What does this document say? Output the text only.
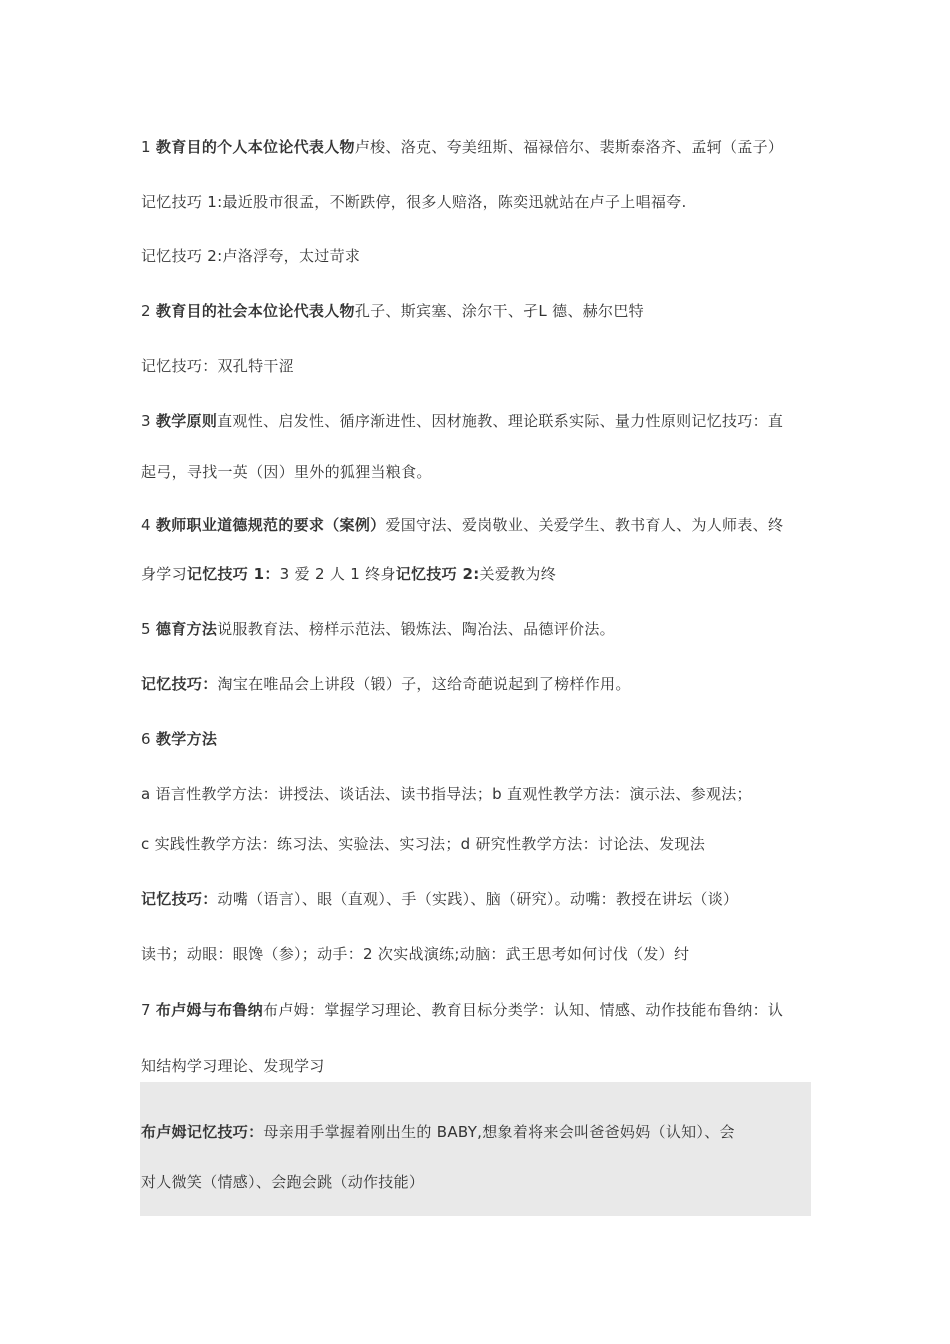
1 教育目的个人本位论代表人物卢梭、洛克、夸美纽斯、福禄倍尔、裴斯泰洛齐、孟轲（孟子）
记忆技巧 1:最近股市很孟，不断跌停，很多人赔洛，陈奕迅就站在卢子上唱福夸.
记忆技巧 2:卢洛浮夸，太过苛求
2 教育目的社会本位论代表人物孔子、斯宾塞、涂尔干、孑L 德、赫尔巴特
记忆技巧：双孔特干涩
3 教学原则直观性、启发性、循序渐进性、因材施教、理论联系实际、量力性原则记忆技巧：直
起弓，寻找一英（因）里外的狐狸当粮食。
4 教师职业道德规范的要求（案例）爱国守法、爱岗敬业、关爱学生、教书育人、为人师表、终
身学习记忆技巧 1：3 爱 2 人 1 终身记忆技巧 2:关爱教为终
5 德育方法说服教育法、榜样示范法、锻炼法、陶冶法、品德评价法。
记忆技巧：淘宝在唯品会上讲段（锻）子，这给奇葩说起到了榜样作用。
6 教学方法
a 语言性教学方法：讲授法、谈话法、读书指导法；b 直观性教学方法：演示法、参观法；
c 实践性教学方法：练习法、实验法、实习法；d 研究性教学方法：讨论法、发现法
记忆技巧：动嘴（语言）、眼（直观）、手（实践）、脑（研究）。动嘴：教授在讲坛（谈）
读书；动眼：眼馋（参）；动手：2 次实战演练;动脑：武王思考如何讨伐（发）纣
7 布卢姆与布鲁纳布卢姆：掌握学习理论、教育目标分类学：认知、情感、动作技能布鲁纳：认
知结构学习理论、发现学习
布卢姆记忆技巧：母亲用手掌握着刚出生的 BABY,想象着将来会叫爸爸妈妈（认知）、会
对人微笑（情感）、会跑会跳（动作技能）
